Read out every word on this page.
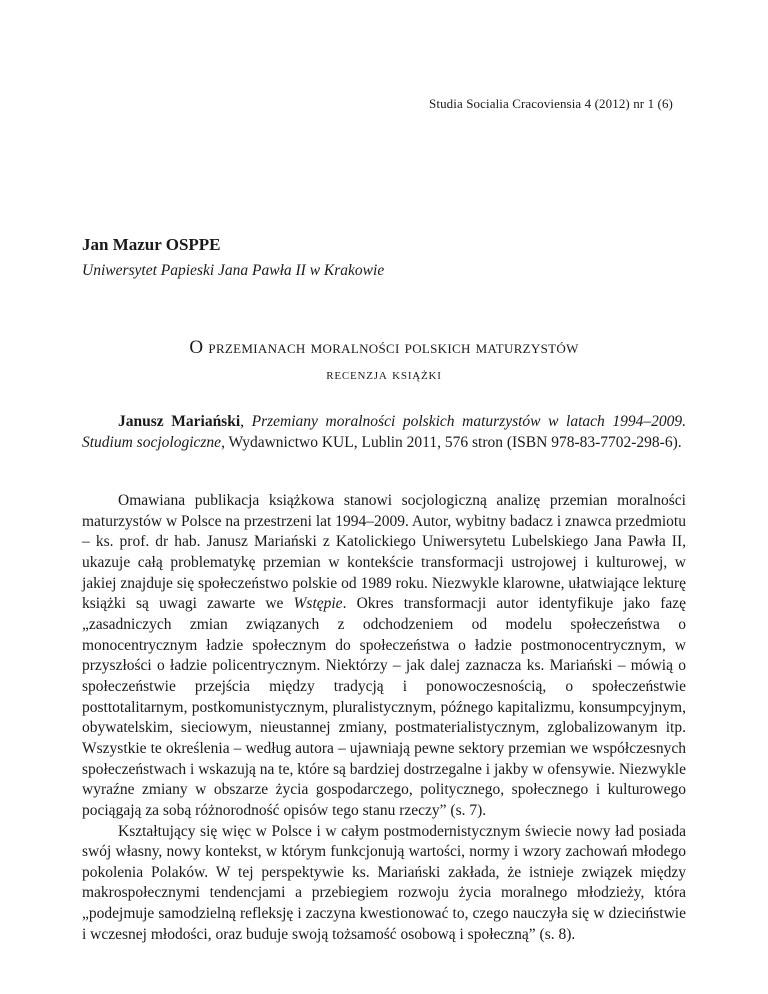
Studia Socialia Cracoviensia 4 (2012) nr 1 (6)
Jan Mazur OSPPE
Uniwersytet Papieski Jana Pawła II w Krakowie
O przemianach moralności polskich maturzystów
recenzja książki
Janusz Mariański, Przemiany moralności polskich maturzystów w latach 1994–2009. Studium socjologiczne, Wydawnictwo KUL, Lublin 2011, 576 stron (ISBN 978-83-7702-298-6).

Omawiana publikacja książkowa stanowi socjologiczną analizę przemian moralności maturzystów w Polsce na przestrzeni lat 1994–2009. Autor, wybitny badacz i znawca przedmiotu – ks. prof. dr hab. Janusz Mariański z Katolickiego Uniwersytetu Lubelskiego Jana Pawła II, ukazuje całą problematykę przemian w kontekście transformacji ustrojowej i kulturowej, w jakiej znajduje się społeczeństwo polskie od 1989 roku. Niezwykle klarowne, ułatwiające lekturę książki są uwagi zawarte we Wstępie. Okres transformacji autor identyfikuje jako fazę „zasadniczych zmian związanych z odchodzeniem od modelu społeczeństwa o monocentrycznym ładzie społecznym do społeczeństwa o ładzie postmonocentrycznym, w przyszłości o ładzie policentrycznym. Niektórzy – jak dalej zaznacza ks. Mariański – mówią o społeczeństwie przejścia między tradycją i ponowoczesnością, o społeczeństwie posttotalitarnym, postkomunistycznym, pluralistycznym, późnego kapitalizmu, konsumpcyjnym, obywatelskim, sieciowym, nieustannej zmiany, postmaterialistycznym, zglobalizowanym itp. Wszystkie te określenia – według autora – ujawniają pewne sektory przemian we współczesnych społeczeństwach i wskazują na te, które są bardziej dostrzegalne i jakby w ofensywie. Niezwykle wyraźne zmiany w obszarze życia gospodarczego, politycznego, społecznego i kulturowego pociągają za sobą różnorodność opisów tego stanu rzeczy” (s. 7).

Kształtujący się więc w Polsce i w całym postmodernistycznym świecie nowy ład posiada swój własny, nowy kontekst, w którym funkcjonują wartości, normy i wzory zachowań młodego pokolenia Polaków. W tej perspektywie ks. Mariański zakłada, że istnieje związek między makrospołecznymi tendencjami a przebiegiem rozwoju życia moralnego młodzieży, która „podejmuje samodzielną refleksję i zaczyna kwestionować to, czego nauczyła się w dzieciństwie i wczesnej młodości, oraz buduje swoją tożsamość osobową i społeczną” (s. 8).
